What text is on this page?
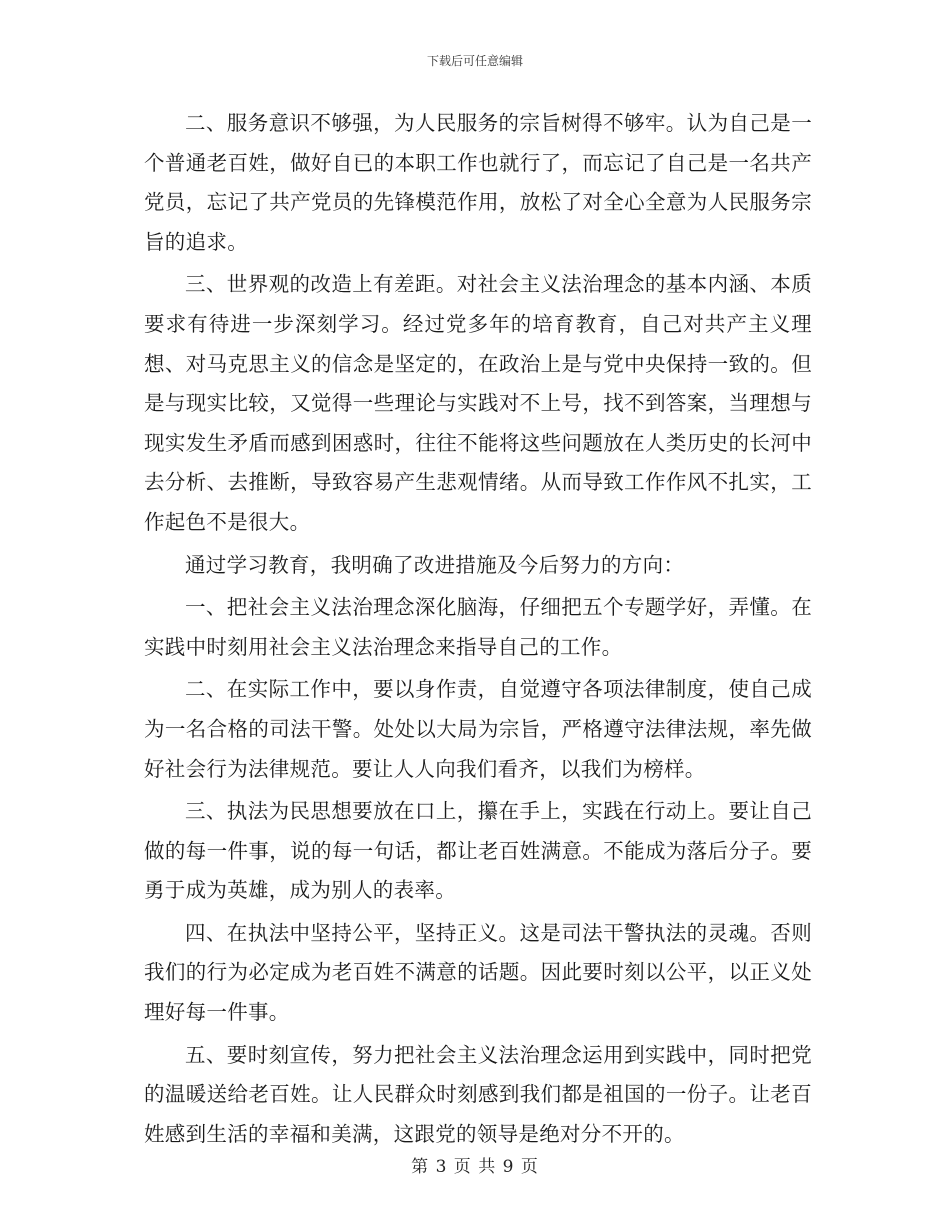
下载后可任意编辑

二、服务意识不够强，为人民服务的宗旨树得不够牢。认为自己是一个普通老百姓，做好自已的本职工作也就行了，而忘记了自己是一名共产党员，忘记了共产党员的先锋模范作用，放松了对全心全意为人民服务宗旨的追求。

三、世界观的改造上有差距。对社会主义法治理念的基本内涵、本质要求有待进一步深刻学习。经过党多年的培育教育，自己对共产主义理想、对马克思主义的信念是坚定的，在政治上是与党中央保持一致的。但是与现实比较，又觉得一些理论与实践对不上号，找不到答案，当理想与现实发生矛盾而感到困惑时，往往不能将这些问题放在人类历史的长河中去分析、去推断，导致容易产生悲观情绪。从而导致工作作风不扎实，工作起色不是很大。

通过学习教育，我明确了改进措施及今后努力的方向：

一、把社会主义法治理念深化脑海，仔细把五个专题学好，弄懂。在实践中时刻用社会主义法治理念来指导自己的工作。

二、在实际工作中，要以身作责，自觉遵守各项法律制度，使自己成为一名合格的司法干警。处处以大局为宗旨，严格遵守法律法规，率先做好社会行为法律规范。要让人人向我们看齐，以我们为榜样。

三、执法为民思想要放在口上，攥在手上，实践在行动上。要让自己做的每一件事，说的每一句话，都让老百姓满意。不能成为落后分子。要勇于成为英雄，成为别人的表率。

四、在执法中坚持公平，坚持正义。这是司法干警执法的灵魂。否则我们的行为必定成为老百姓不满意的话题。因此要时刻以公平，以正义处理好每一件事。

五、要时刻宣传，努力把社会主义法治理念运用到实践中，同时把党的温暖送给老百姓。让人民群众时刻感到我们都是祖国的一份子。让老百姓感到生活的幸福和美满，这跟党的领导是绝对分不开的。

第 3 页 共 9 页
